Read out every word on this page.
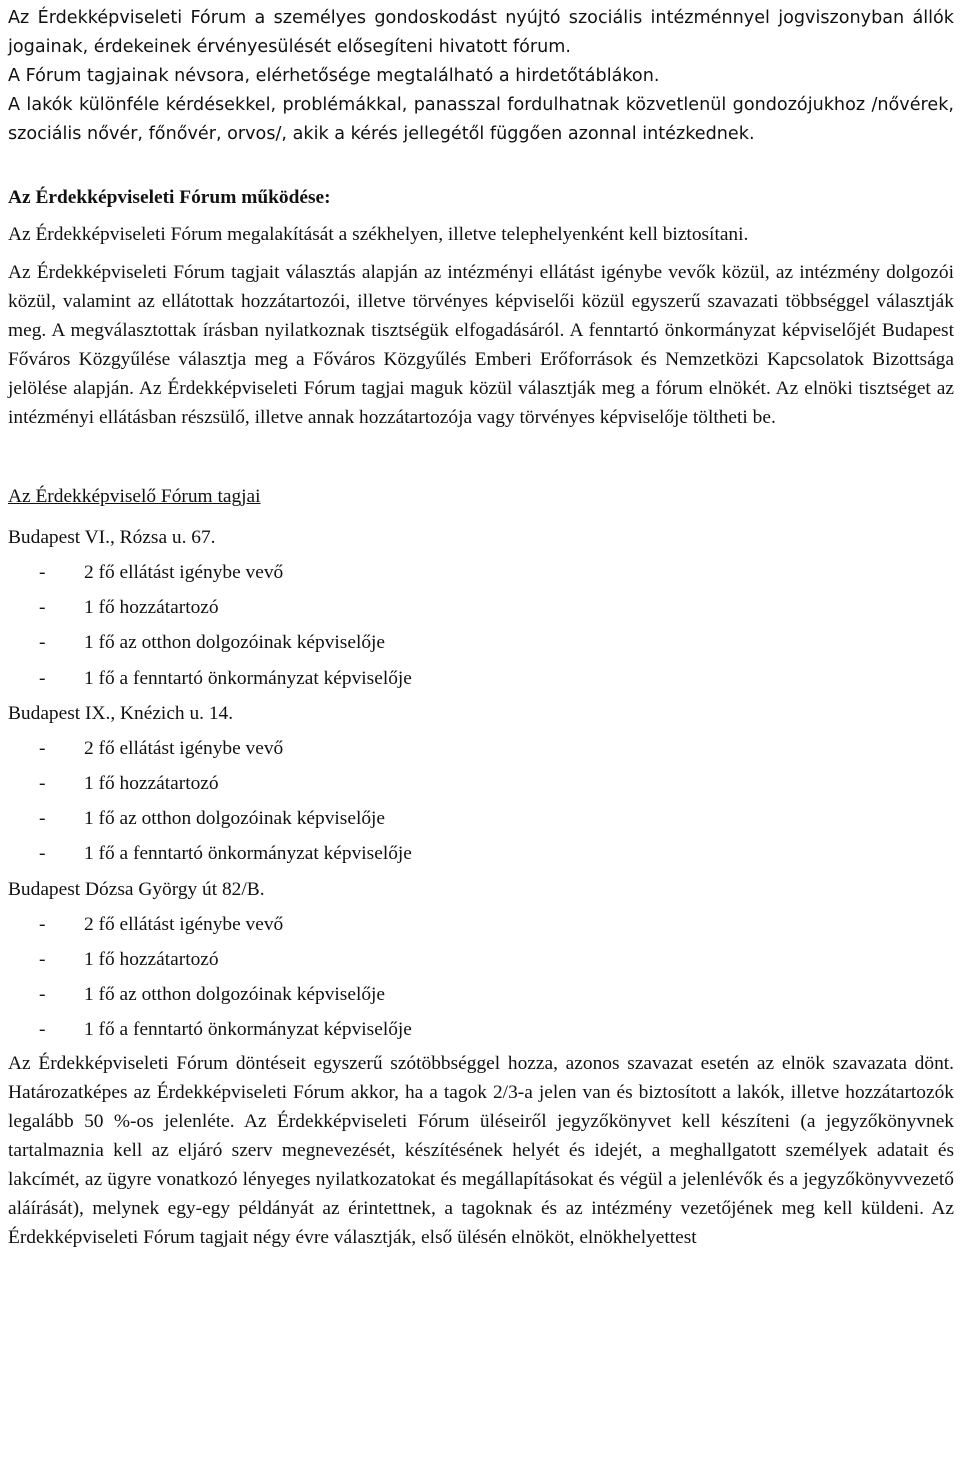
Az Érdekképviseleti Fórum a személyes gondoskodást nyújtó szociális intézménnyel jogviszonyban állók jogainak, érdekeinek érvényesülését elősegíteni hivatott fórum.

A Fórum tagjainak névsora, elérhetősége megtalálható a hirdetőtáblákon.

A lakók különféle kérdésekkel, problémákkal, panasszal fordulhatnak közvetlenül gondozójukhoz /nővérek, szociális nővér, főnővér, orvos/, akik a kérés jellegétől függően azonnal intézkednek.

Az Érdekképviseleti Fórum működése:

Az Érdekképviseleti Fórum megalakítását a székhelyen, illetve telephelyenként kell biztosítani.

Az Érdekképviseleti Fórum tagjait választás alapján az intézményi ellátást igénybe vevők közül, az intézmény dolgozói közül, valamint az ellátottak hozzátartozói, illetve törvényes képviselői közül egyszerű szavazati többséggel választják meg. A megválasztottak írásban nyilatkoznak tisztségük elfogadásáról. A fenntartó önkormányzat képviselőjét Budapest Főváros Közgyűlése választja meg a Főváros Közgyűlés Emberi Erőforrások és Nemzetközi Kapcsolatok Bizottsága jelölése alapján. Az Érdekképviseleti Fórum tagjai maguk közül választják meg a fórum elnökét. Az elnöki tisztséget az intézményi ellátásban részsülő, illetve annak hozzátartozója vagy törvényes képviselője töltheti be.

Az Érdekképviselő Fórum tagjai

Budapest VI., Rózsa u. 67.

- 2 fő ellátást igénybe vevő
- 1 fő hozzátartozó
- 1 fő az otthon dolgozóinak képviselője
- 1 fő a fenntartó önkormányzat képviselője

Budapest IX., Knézich u. 14.

- 2 fő ellátást igénybe vevő
- 1 fő hozzátartozó
- 1 fő az otthon dolgozóinak képviselője
- 1 fő a fenntartó önkormányzat képviselője

Budapest Dózsa György út 82/B.

- 2 fő ellátást igénybe vevő
- 1 fő hozzátartozó
- 1 fő az otthon dolgozóinak képviselője
- 1 fő a fenntartó önkormányzat képviselője

Az Érdekképviseleti Fórum döntéseit egyszerű szótöbbséggel hozza, azonos szavazat esetén az elnök szavazata dönt. Határozatképes az Érdekképviseleti Fórum akkor, ha a tagok 2/3-a jelen van és biztosított a lakók, illetve hozzátartozók legalább 50 %-os jelenléte. Az Érdekképviseleti Fórum üléseiről jegyzőkönyvet kell készíteni (a jegyzőkönyvnek tartalmaznia kell az eljáró szerv megnevezését, készítésének helyét és idejét, a meghallgatott személyek adatait és lakcímét, az ügyre vonatkozó lényeges nyilatkozatokat és megállapításokat és végül a jelenlévők és a jegyzőkönyvvezető aláírását), melynek egy-egy példányát az érintettnek, a tagoknak és az intézmény vezetőjének meg kell küldeni. Az Érdekképviseleti Fórum tagjait négy évre választják, első ülésén elnököt, elnökhelyettest
